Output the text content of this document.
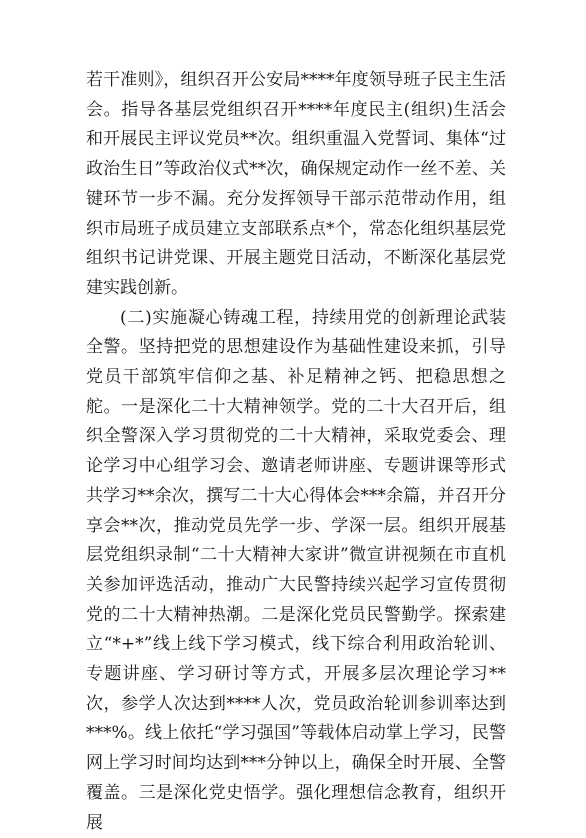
若干准则》，组织召开公安局****年度领导班子民主生活会。指导各基层党组织召开****年度民主(组织)生活会和开展民主评议党员**次。组织重温入党誓词、集体“过政治生日”等政治仪式**次，确保规定动作一丝不差、关键环节一步不漏。充分发挥领导干部示范带动作用，组织市局班子成员建立支部联系点*个，常态化组织基层党组织书记讲党课、开展主题党日活动，不断深化基层党建实践创新。

(二)实施凝心铸魂工程，持续用党的创新理论武装全警。坚持把党的思想建设作为基础性建设来抓，引导党员干部筑牢信仰之基、补足精神之钙、把稳思想之舵。一是深化二十大精神领学。党的二十大召开后，组织全警深入学习贯彻党的二十大精神，采取党委会、理论学习中心组学习会、邀请老师讲座、专题讲课等形式共学习**余次，撰写二十大心得体会***余篇，并召开分享会**次，推动党员先学一步、学深一层。组织开展基层党组织录制“二十大精神大家讲”微宣讲视频在市直机关参加评选活动，推动广大民警持续兴起学习宣传贯彻党的二十大精神热潮。二是深化党员民警勤学。探索建立“*+*”线上线下学习模式，线下综合利用政治轮训、专题讲座、学习研讨等方式，开展多层次理论学习**次，参学人次达到****人次，党员政治轮训参训率达到***%。线上依托“学习强国”等载体启动掌上学习，民警网上学习时间均达到***分钟以上，确保全时开展、全警覆盖。三是深化党史悟学。强化理想信念教育，组织开展
